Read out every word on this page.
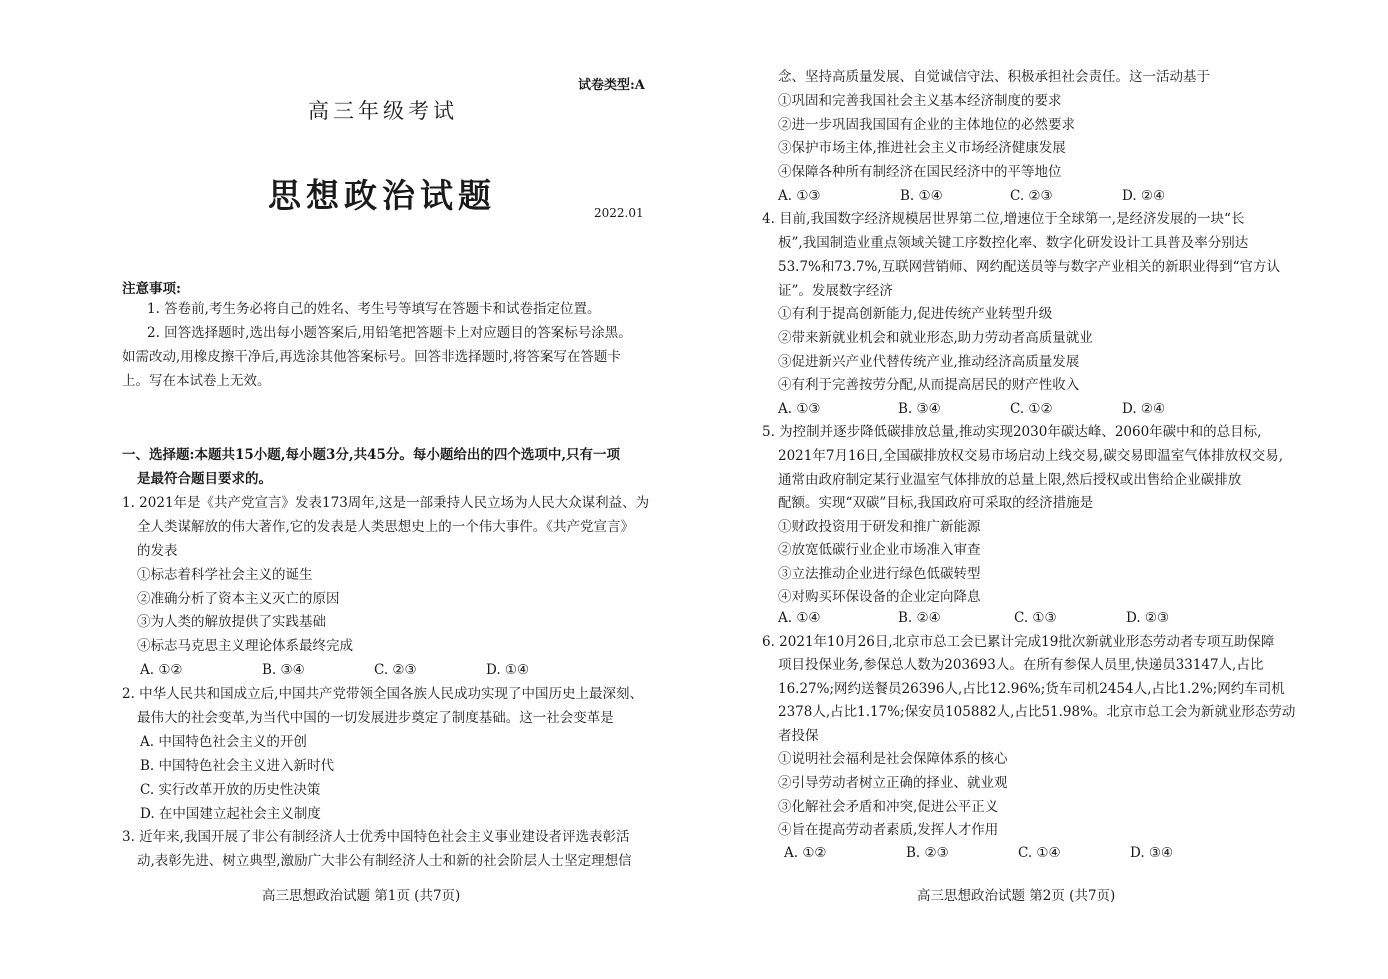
试卷类型:A
高三年级考试
思想政治试题	2022.01
注意事项:
1. 答卷前,考生务必将自己的姓名、考生号等填写在答题卡和试卷指定位置。
2. 回答选择题时,选出每小题答案后,用铅笔把答题卡上对应题目的答案标号涂黑。
如需改动,用橡皮擦干净后,再选涂其他答案标号。回答非选择题时,将答案写在答题卡
上。写在本试卷上无效。
一、选择题:本题共15小题,每小题3分,共45分。每小题给出的四个选项中,只有一项
是最符合题目要求的。
1. 2021年是《共产党宣言》发表173周年,这是一部秉持人民立场为人民大众谋利益、为
全人类谋解放的伟大著作,它的发表是人类思想史上的一个伟大事件。《共产党宣言》
的发表
①标志着科学社会主义的诞生
②准确分析了资本主义灭亡的原因
③为人类的解放提供了实践基础
④标志马克思主义理论体系最终完成
A. ①②	B. ③④	C. ②③	D. ①④
2. 中华人民共和国成立后,中国共产党带领全国各族人民成功实现了中国历史上最深刻、
最伟大的社会变革,为当代中国的一切发展进步奠定了制度基础。这一社会变革是
A. 中国特色社会主义的开创
B. 中国特色社会主义进入新时代
C. 实行改革开放的历史性决策
D. 在中国建立起社会主义制度
3. 近年来,我国开展了非公有制经济人士优秀中国特色社会主义事业建设者评选表彰活
动,表彰先进、树立典型,激励广大非公有制经济人士和新的社会阶层人士坚定理想信
高三思想政治试题 第1页 (共7页)
念、坚持高质量发展、自觉诚信守法、积极承担社会责任。这一活动基于
①巩固和完善我国社会主义基本经济制度的要求
②进一步巩固我国国有企业的主体地位的必然要求
③保护市场主体,推进社会主义市场经济健康发展
④保障各种所有制经济在国民经济中的平等地位
A. ①③	B. ①④	C. ②③	D. ②④
4. 目前,我国数字经济规模居世界第二位,增速位于全球第一,是经济发展的一块“长
板”,我国制造业重点领域关键工序数控化率、数字化研发设计工具普及率分别达
53.7%和73.7%,互联网营销师、网约配送员等与数字产业相关的新职业得到“官方认
证”。发展数字经济
①有利于提高创新能力,促进传统产业转型升级
②带来新就业机会和就业形态,助力劳动者高质量就业
③促进新兴产业代替传统产业,推动经济高质量发展
④有利于完善按劳分配,从而提高居民的财产性收入
A. ①③	B. ③④	C. ①②	D. ②④
5. 为控制并逐步降低碳排放总量,推动实现2030年碳达峰、2060年碳中和的总目标,
2021年7月16日,全国碳排放权交易市场启动上线交易,碳交易即温室气体排放权交易,
通常由政府制定某行业温室气体排放的总量上限,然后授权或出售给企业碳排放
配额。实现“双碳”目标,我国政府可采取的经济措施是
①财政投资用于研发和推广新能源
②放宽低碳行业企业市场准入审查
③立法推动企业进行绿色低碳转型
④对购买环保设备的企业定向降息
A. ①④	B. ②④	C. ①③	D. ②③
6. 2021年10月26日,北京市总工会已累计完成19批次新就业形态劳动者专项互助保障
项目投保业务,参保总人数为203693人。在所有参保人员里,快递员33147人,占比
16.27%;网约送餐员26396人,占比12.96%;货车司机2454人,占比1.2%;网约车司机
2378人,占比1.17%;保安员105882人,占比51.98%。北京市总工会为新就业形态劳动
者投保
①说明社会福利是社会保障体系的核心
②引导劳动者树立正确的择业、就业观
③化解社会矛盾和冲突,促进公平正义
④旨在提高劳动者素质,发挥人才作用
A. ①②	B. ②③	C. ①④	D. ③④
高三思想政治试题 第2页 (共7页)
